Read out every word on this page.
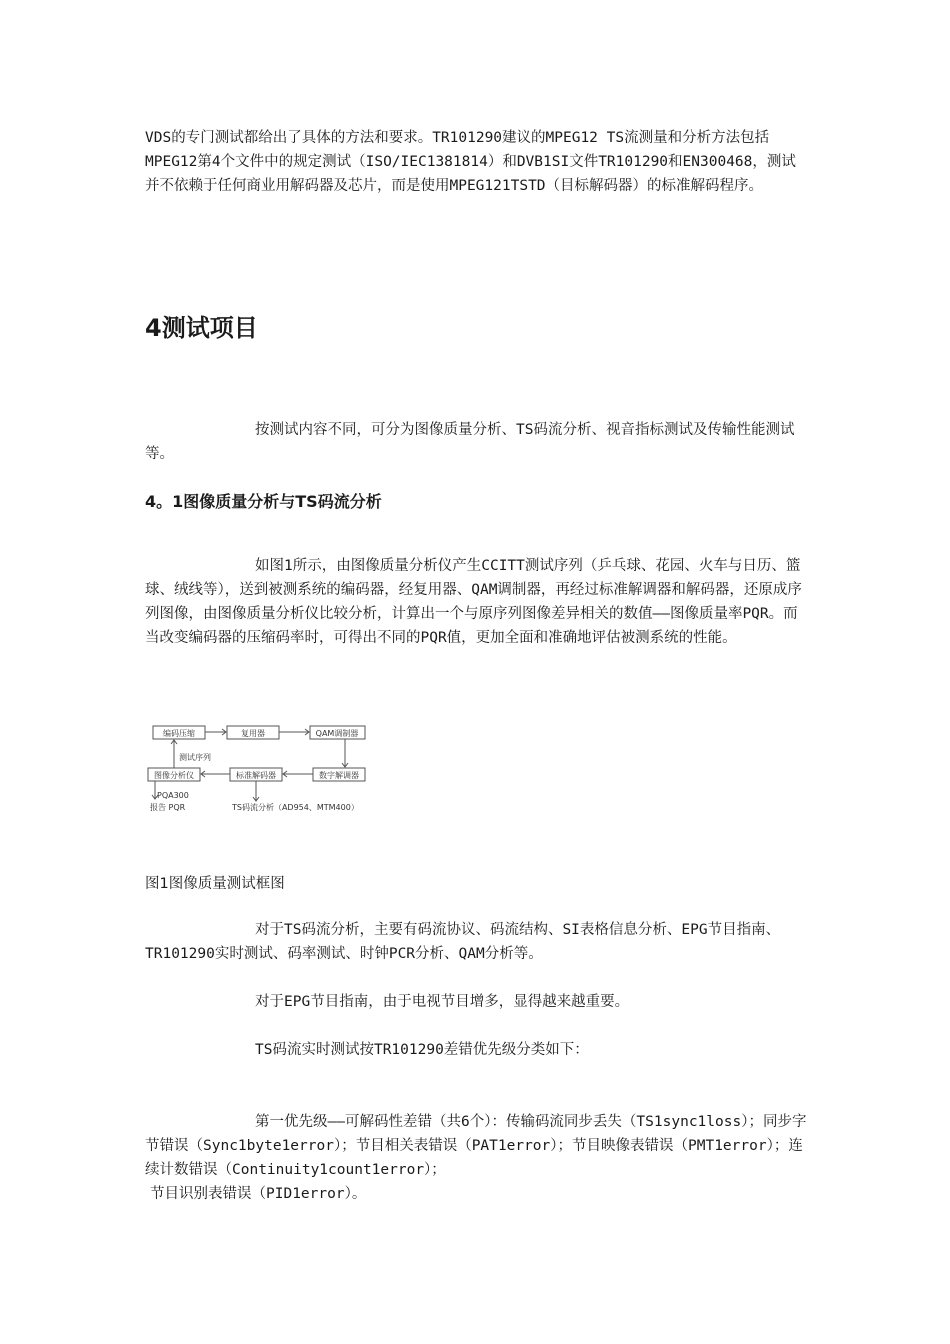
VDS的专门测试都给出了具体的方法和要求。TR101290建议的MPEG12 TS流测量和分析方法包括MPEG12第4个文件中的规定测试（ISO/IEC1381814）和DVB1SI文件TR101290和EN300468，测试并不依赖于任何商业用解码器及芯片，而是使用MPEG121TSTD（目标解码器）的标准解码程序。

4测试项目

按测试内容不同，可分为图像质量分析、TS码流分析、视音指标测试及传输性能测试等。

4。1图像质量分析与TS码流分析

如图1所示，由图像质量分析仪产生CCITT测试序列（乒乓球、花园、火车与日历、篮球、绒线等），送到被测系统的编码器，经复用器、QAM调制器，再经过标准解调器和解码器，还原成序列图像，由图像质量分析仪比较分析，计算出一个与原序列图像差异相关的数值——图像质量率PQR。而当改变编码器的压缩码率时，可得出不同的PQR值，更加全面和准确地评估被测系统的性能。

编码压缩	复用器	QAM调制器
图像分析仪	标准解码器	数字解调器
测试序列
PQA300
报告 PQR	TS码流分析（AD954、MTM400）

图1图像质量测试框图

对于TS码流分析，主要有码流协议、码流结构、SI表格信息分析、EPG节目指南、TR101290实时测试、码率测试、时钟PCR分析、QAM分析等。

对于EPG节目指南，由于电视节目增多，显得越来越重要。

TS码流实时测试按TR101290差错优先级分类如下：

第一优先级——可解码性差错（共6个）：传输码流同步丢失（TS1sync1loss）；同步字节错误（Sync1byte1error）；节目相关表错误（PAT1error）；节目映像表错误（PMT1error）；连续计数错误（Continuity1count1error）；

节目识别表错误（PID1error）。
